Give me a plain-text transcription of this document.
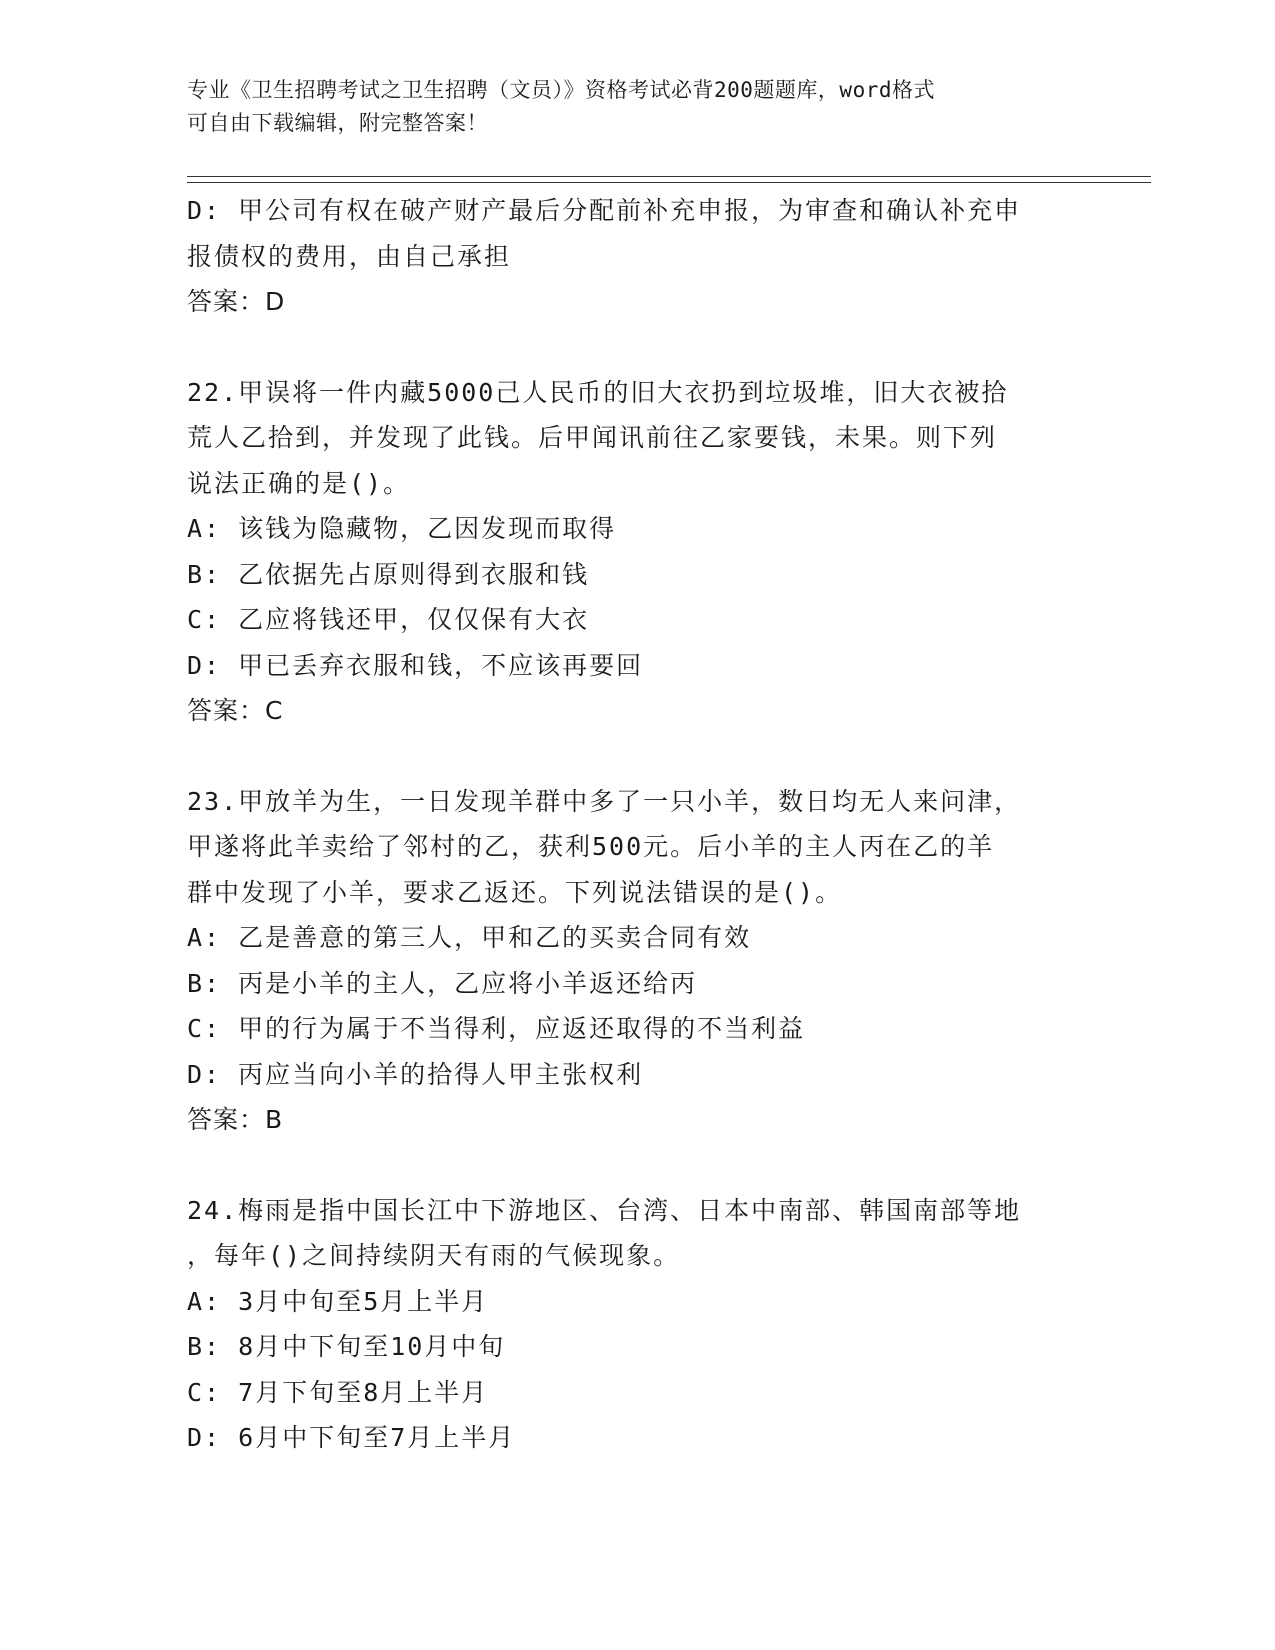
专业《卫生招聘考试之卫生招聘（文员）》资格考试必背200题题库，word格式
可自由下载编辑，附完整答案！
D: 甲公司有权在破产财产最后分配前补充申报，为审查和确认补充申
报债权的费用，由自己承担
答案：D
22.甲误将一件内藏5000己人民币的旧大衣扔到垃圾堆，旧大衣被拾
荒人乙拾到，并发现了此钱。后甲闻讯前往乙家要钱，未果。则下列
说法正确的是()。
A: 该钱为隐藏物，乙因发现而取得
B: 乙依据先占原则得到衣服和钱
C: 乙应将钱还甲，仅仅保有大衣
D: 甲已丢弃衣服和钱，不应该再要回
答案：C
23.甲放羊为生，一日发现羊群中多了一只小羊，数日均无人来问津，
甲遂将此羊卖给了邻村的乙，获利500元。后小羊的主人丙在乙的羊
群中发现了小羊，要求乙返还。下列说法错误的是()。
A: 乙是善意的第三人，甲和乙的买卖合同有效
B: 丙是小羊的主人，乙应将小羊返还给丙
C: 甲的行为属于不当得利，应返还取得的不当利益
D: 丙应当向小羊的拾得人甲主张权利
答案：B
24.梅雨是指中国长江中下游地区、台湾、日本中南部、韩国南部等地
，每年()之间持续阴天有雨的气候现象。
A: 3月中旬至5月上半月
B: 8月中下旬至10月中旬
C: 7月下旬至8月上半月
D: 6月中下旬至7月上半月
